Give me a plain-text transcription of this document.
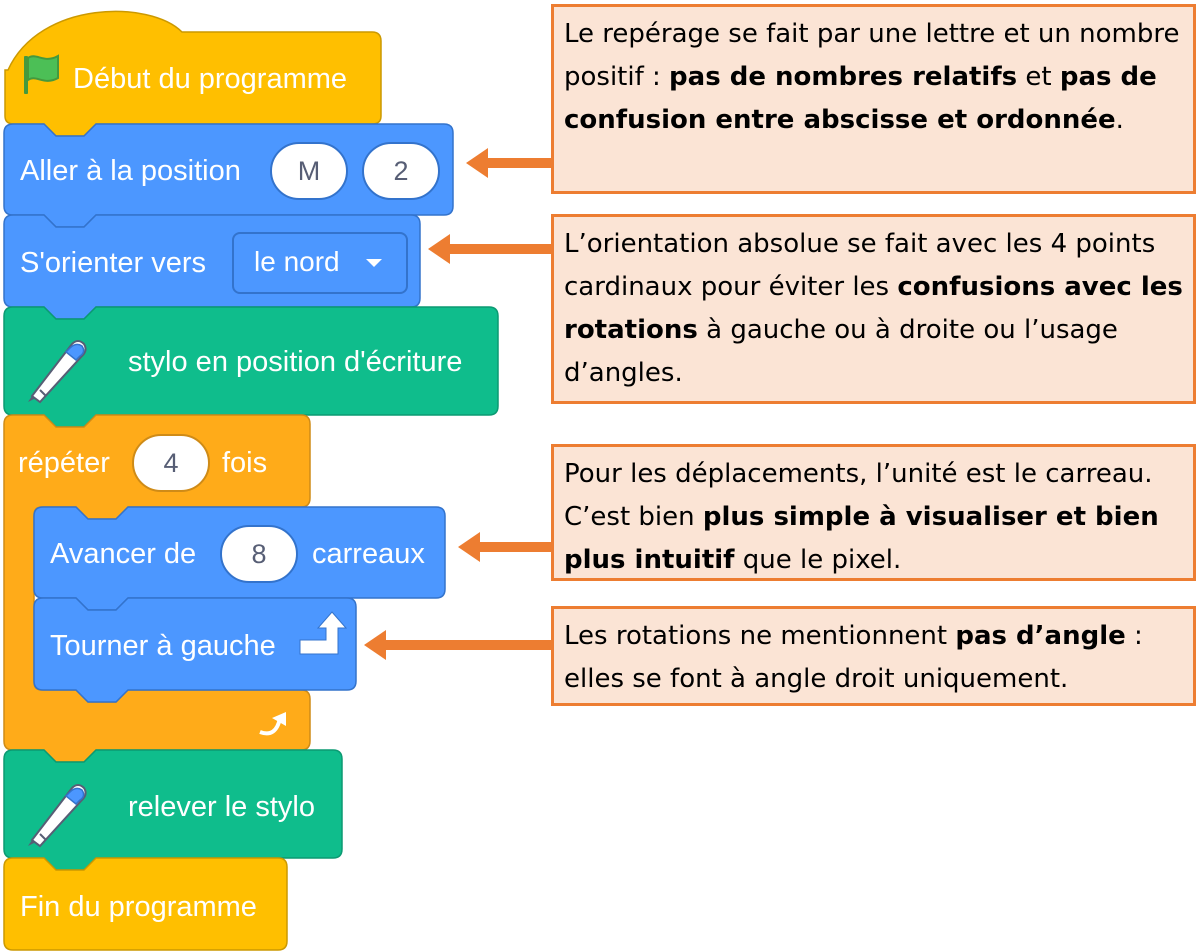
Début du programme
Aller à la position	M	2
S'orienter vers le nord
stylo en position d'écriture
répéter	4	fois
Avancer de	8	carreaux
Tourner à gauche
relever le stylo
Fin du programme
Le repérage se fait par une lettre et un nombre positif : pas de nombres relatifs et pas de confusion entre abscisse et ordonnée.
L’orientation absolue se fait avec les 4 points cardinaux pour éviter les confusions avec les rotations à gauche ou à droite ou l’usage d’angles.
Pour les déplacements, l’unité est le carreau. C’est bien plus simple à visualiser et bien plus intuitif que le pixel.
Les rotations ne mentionnent pas d’angle : elles se font à angle droit uniquement.
